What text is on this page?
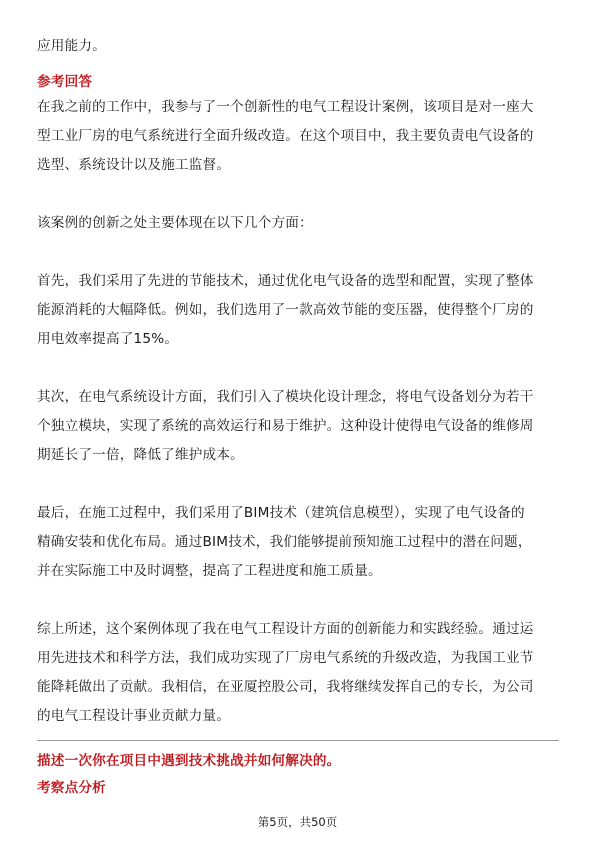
应用能力。
参考回答
在我之前的工作中，我参与了一个创新性的电气工程设计案例，该项目是对一座大
型工业厂房的电气系统进行全面升级改造。在这个项目中，我主要负责电气设备的
选型、系统设计以及施工监督。
该案例的创新之处主要体现在以下几个方面：
首先，我们采用了先进的节能技术，通过优化电气设备的选型和配置，实现了整体
能源消耗的大幅降低。例如，我们选用了一款高效节能的变压器，使得整个厂房的
用电效率提高了15%。
其次，在电气系统设计方面，我们引入了模块化设计理念，将电气设备划分为若干
个独立模块，实现了系统的高效运行和易于维护。这种设计使得电气设备的维修周
期延长了一倍，降低了维护成本。
最后，在施工过程中，我们采用了BIM技术（建筑信息模型），实现了电气设备的
精确安装和优化布局。通过BIM技术，我们能够提前预知施工过程中的潜在问题，
并在实际施工中及时调整，提高了工程进度和施工质量。
综上所述，这个案例体现了我在电气工程设计方面的创新能力和实践经验。通过运
用先进技术和科学方法，我们成功实现了厂房电气系统的升级改造，为我国工业节
能降耗做出了贡献。我相信，在亚厦控股公司，我将继续发挥自己的专长，为公司
的电气工程设计事业贡献力量。
描述一次你在项目中遇到技术挑战并如何解决的。
考察点分析
第5页，共50页
